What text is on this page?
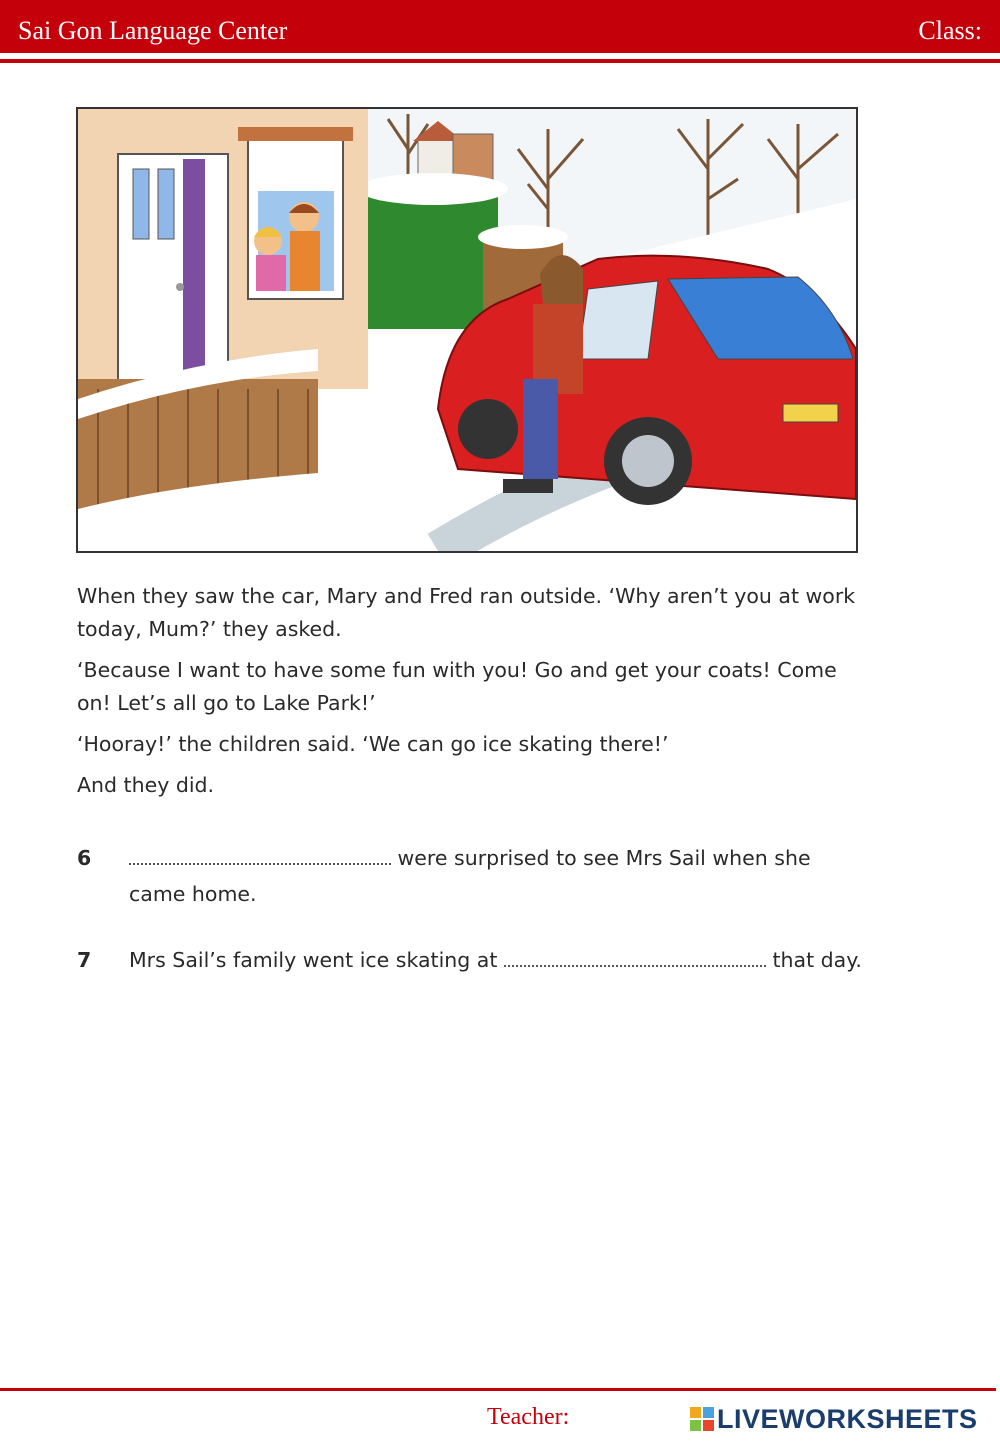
Sai Gon Language Center	Class:

When they saw the car, Mary and Fred ran outside. ‘Why aren’t you at work today, Mum?’ they asked.

‘Because I want to have some fun with you! Go and get your coats! Come on! Let’s all go to Lake Park!’

‘Hooray!’ the children said. ‘We can go ice skating there!’

And they did.

6	were surprised to see Mrs Sail when she came home.
7 Mrs Sail’s family went ice skating at	that day.
Teacher:	LIVEWORKSHEETS
